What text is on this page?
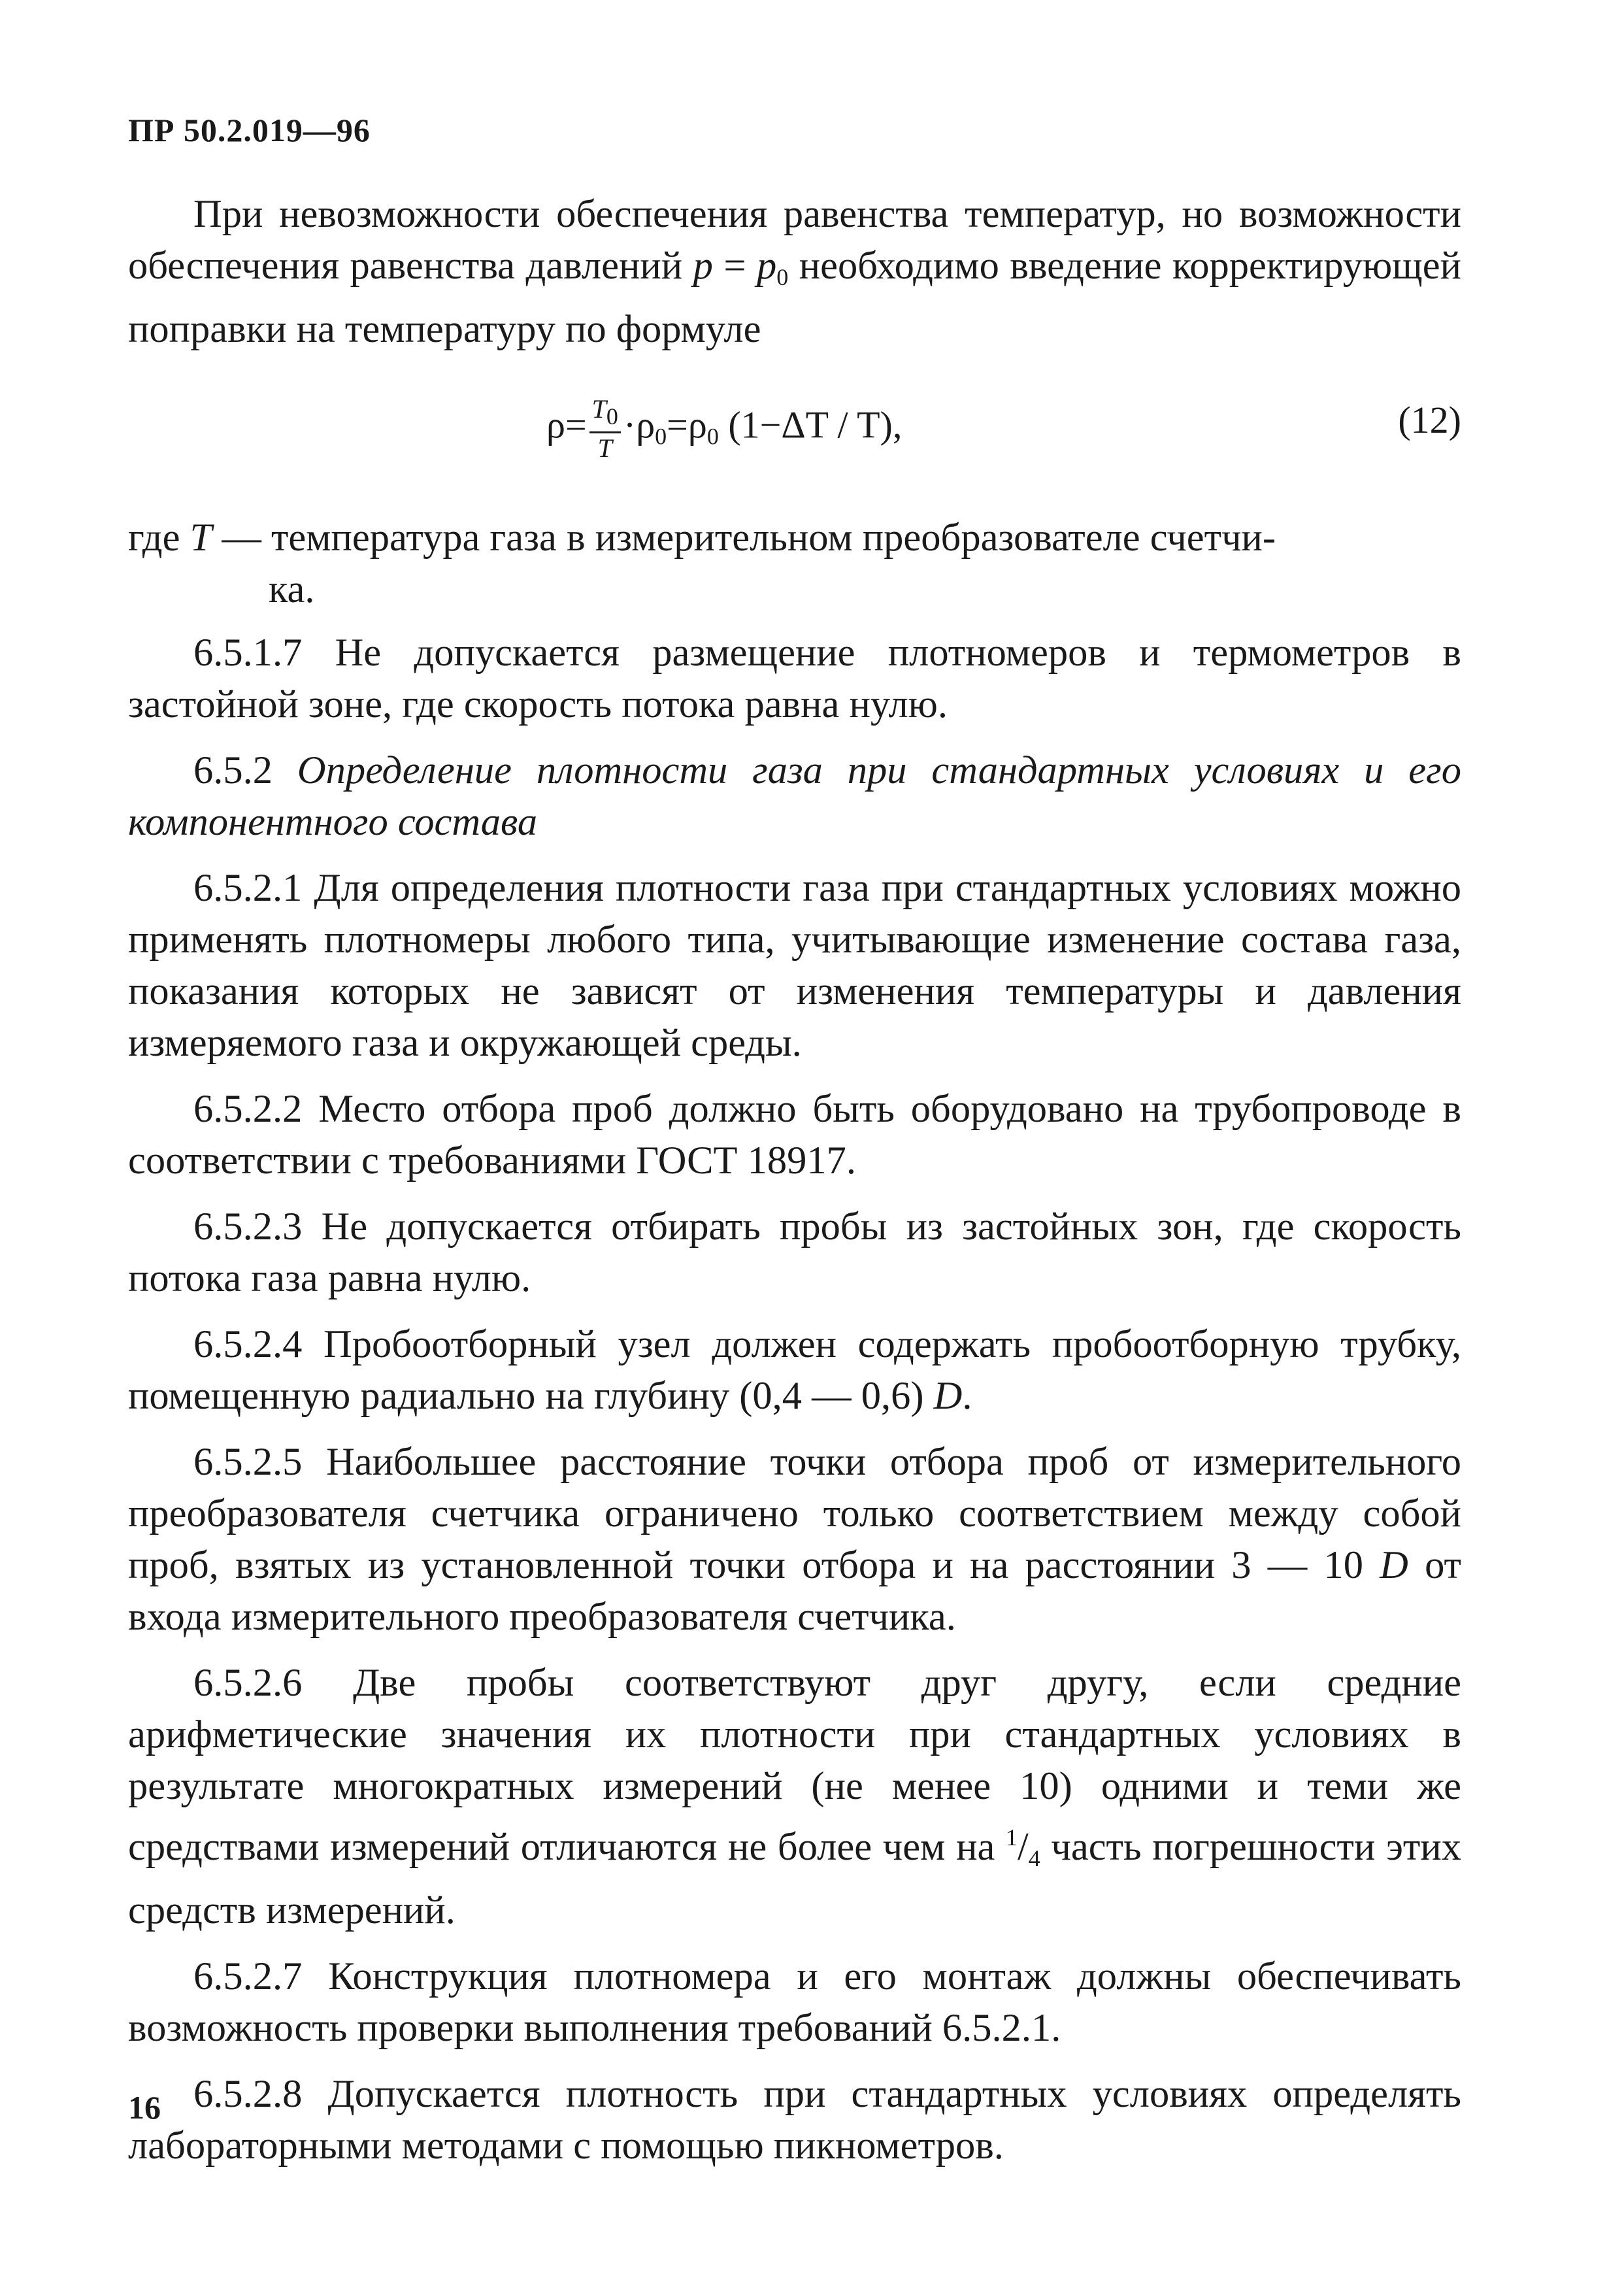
ПР 50.2.019—96

При невозможности обеспечения равенства температур, но возможности обеспечения равенства давлений $p = p_0$ необходимо введение корректирующей поправки на температуру по формуле

$\rho= \frac{T0}{T} \cdot\rho_0=\rho_0$ (1−ΔT / T),	(12)

где T — температура газа в измерительном преобразователе счетчи-
ка.

6.5.1.7 Не допускается размещение плотномеров и термометров в застойной зоне, где скорость потока равна нулю.

6.5.2 Определение плотности газа при стандартных условиях и его компонентного состава

6.5.2.1 Для определения плотности газа при стандартных условиях можно применять плотномеры любого типа, учитывающие изменение состава газа, показания которых не зависят от изменения температуры и давления измеряемого газа и окружающей среды.

6.5.2.2 Место отбора проб должно быть оборудовано на трубопроводе в соответствии с требованиями ГОСТ 18917.

6.5.2.3 Не допускается отбирать пробы из застойных зон, где скорость потока газа равна нулю.

6.5.2.4 Пробоотборный узел должен содержать пробоотборную трубку, помещенную радиально на глубину (0,4 — 0,6) D.

6.5.2.5 Наибольшее расстояние точки отбора проб от измерительного преобразователя счетчика ограничено только соответствием между собой проб, взятых из установленной точки отбора и на расстоянии 3 — 10 D от входа измерительного преобразователя счетчика.

6.5.2.6 Две пробы соответствуют друг другу, если средние арифметические значения их плотности при стандартных условиях в результате многократных измерений (не менее 10) одними и теми же средствами измерений отличаются не более чем на $^1/_4$ часть погрешности этих средств измерений.

6.5.2.7 Конструкция плотномера и его монтаж должны обеспечивать возможность проверки выполнения требований 6.5.2.1.

6.5.2.8 Допускается плотность при стандартных условиях определять лабораторными методами с помощью пикнометров.

16
